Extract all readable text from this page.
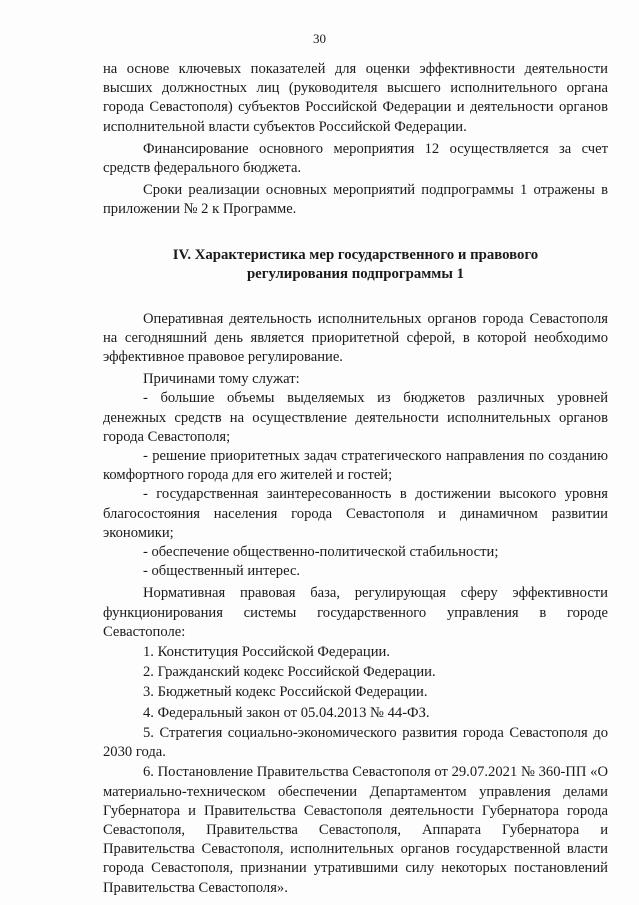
30

на основе ключевых показателей для оценки эффективности деятельности высших должностных лиц (руководителя высшего исполнительного органа города Севастополя) субъектов Российской Федерации и деятельности органов исполнительной власти субъектов Российской Федерации.

Финансирование основного мероприятия 12 осуществляется за счет средств федерального бюджета.

Сроки реализации основных мероприятий подпрограммы 1 отражены в приложении № 2 к Программе.

IV. Характеристика мер государственного и правового регулирования подпрограммы 1

Оперативная деятельность исполнительных органов города Севастополя на сегодняшний день является приоритетной сферой, в которой необходимо эффективное правовое регулирование.

Причинами тому служат:

- большие объемы выделяемых из бюджетов различных уровней денежных средств на осуществление деятельности исполнительных органов города Севастополя;

- решение приоритетных задач стратегического направления по созданию комфортного города для его жителей и гостей;

- государственная заинтересованность в достижении высокого уровня благосостояния населения города Севастополя и динамичном развитии экономики;

- обеспечение общественно-политической стабильности;

- общественный интерес.

Нормативная правовая база, регулирующая сферу эффективности функционирования системы государственного управления в городе Севастополе:

1. Конституция Российской Федерации.

2. Гражданский кодекс Российской Федерации.

3. Бюджетный кодекс Российской Федерации.

4. Федеральный закон от 05.04.2013 № 44-ФЗ.

5. Стратегия социально-экономического развития города Севастополя до 2030 года.

6. Постановление Правительства Севастополя от 29.07.2021 № 360-ПП «О материально-техническом обеспечении Департаментом управления делами Губернатора и Правительства Севастополя деятельности Губернатора города Севастополя, Правительства Севастополя, Аппарата Губернатора и Правительства Севастополя, исполнительных органов государственной власти города Севастополя, признании утратившими силу некоторых постановлений Правительства Севастополя».
